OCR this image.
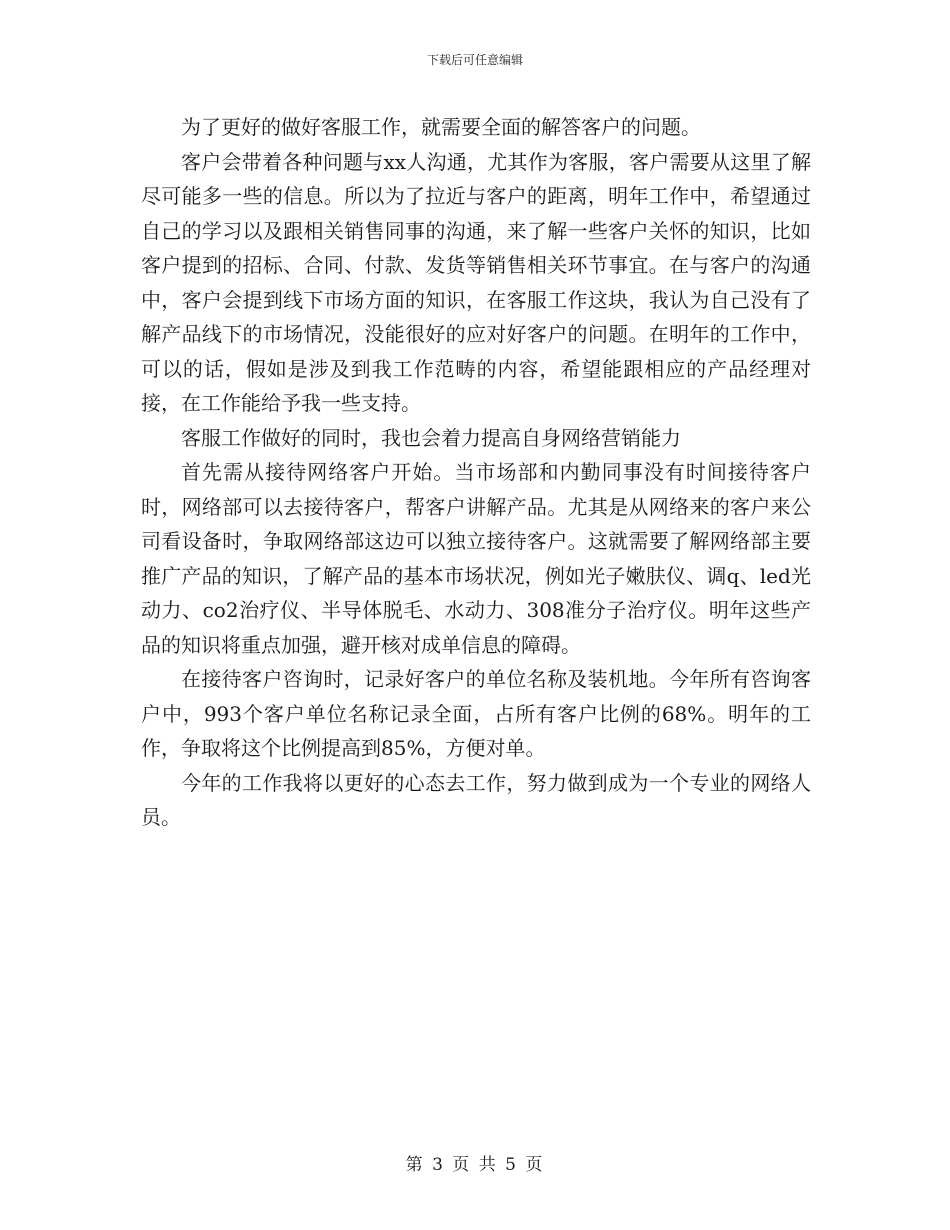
下载后可任意编辑

为了更好的做好客服工作，就需要全面的解答客户的问题。

客户会带着各种问题与xx人沟通，尤其作为客服，客户需要从这里了解尽可能多一些的信息。所以为了拉近与客户的距离，明年工作中，希望通过自己的学习以及跟相关销售同事的沟通，来了解一些客户关怀的知识，比如客户提到的招标、合同、付款、发货等销售相关环节事宜。在与客户的沟通中，客户会提到线下市场方面的知识，在客服工作这块，我认为自己没有了解产品线下的市场情况，没能很好的应对好客户的问题。在明年的工作中，可以的话，假如是涉及到我工作范畴的内容，希望能跟相应的产品经理对接，在工作能给予我一些支持。

客服工作做好的同时，我也会着力提高自身网络营销能力

首先需从接待网络客户开始。当市场部和内勤同事没有时间接待客户时，网络部可以去接待客户，帮客户讲解产品。尤其是从网络来的客户来公司看设备时，争取网络部这边可以独立接待客户。这就需要了解网络部主要推广产品的知识，了解产品的基本市场状况，例如光子嫩肤仪、调q、led光动力、co2治疗仪、半导体脱毛、水动力、308准分子治疗仪。明年这些产品的知识将重点加强，避开核对成单信息的障碍。

在接待客户咨询时，记录好客户的单位名称及装机地。今年所有咨询客户中，993个客户单位名称记录全面，占所有客户比例的68%。明年的工作，争取将这个比例提高到85%，方便对单。

今年的工作我将以更好的心态去工作，努力做到成为一个专业的网络人员。

第 3 页 共 5 页
